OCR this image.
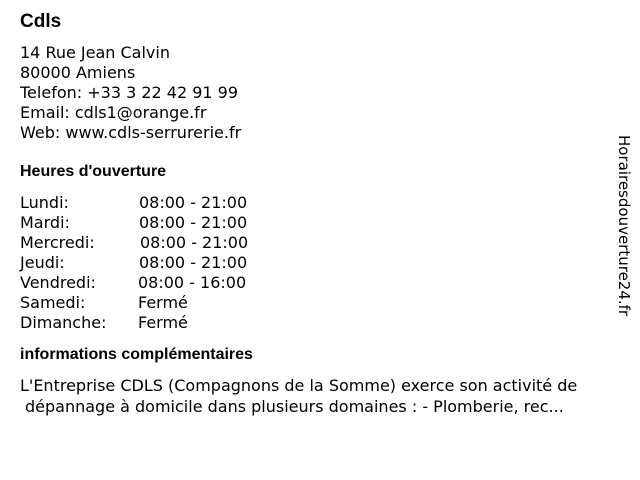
Cdls
14 Rue Jean Calvin
80000 Amiens
Telefon: +33 3 22 42 91 99
Email: cdls1@orange.fr
Web: www.cdls-serrurerie.fr
Heures d'ouverture
Lundi:	08:00 - 21:00
Mardi:	08:00 - 21:00
Mercredi:	08:00 - 21:00
Jeudi:	08:00 - 21:00
Vendredi:	08:00 - 16:00
Samedi:	Fermé
Dimanche: Fermé
informations complémentaires
L'Entreprise CDLS (Compagnons de la Somme) exerce son activité de
dépannage à domicile dans plusieurs domaines : - Plomberie, rec...
Horairesdouverture24.fr
